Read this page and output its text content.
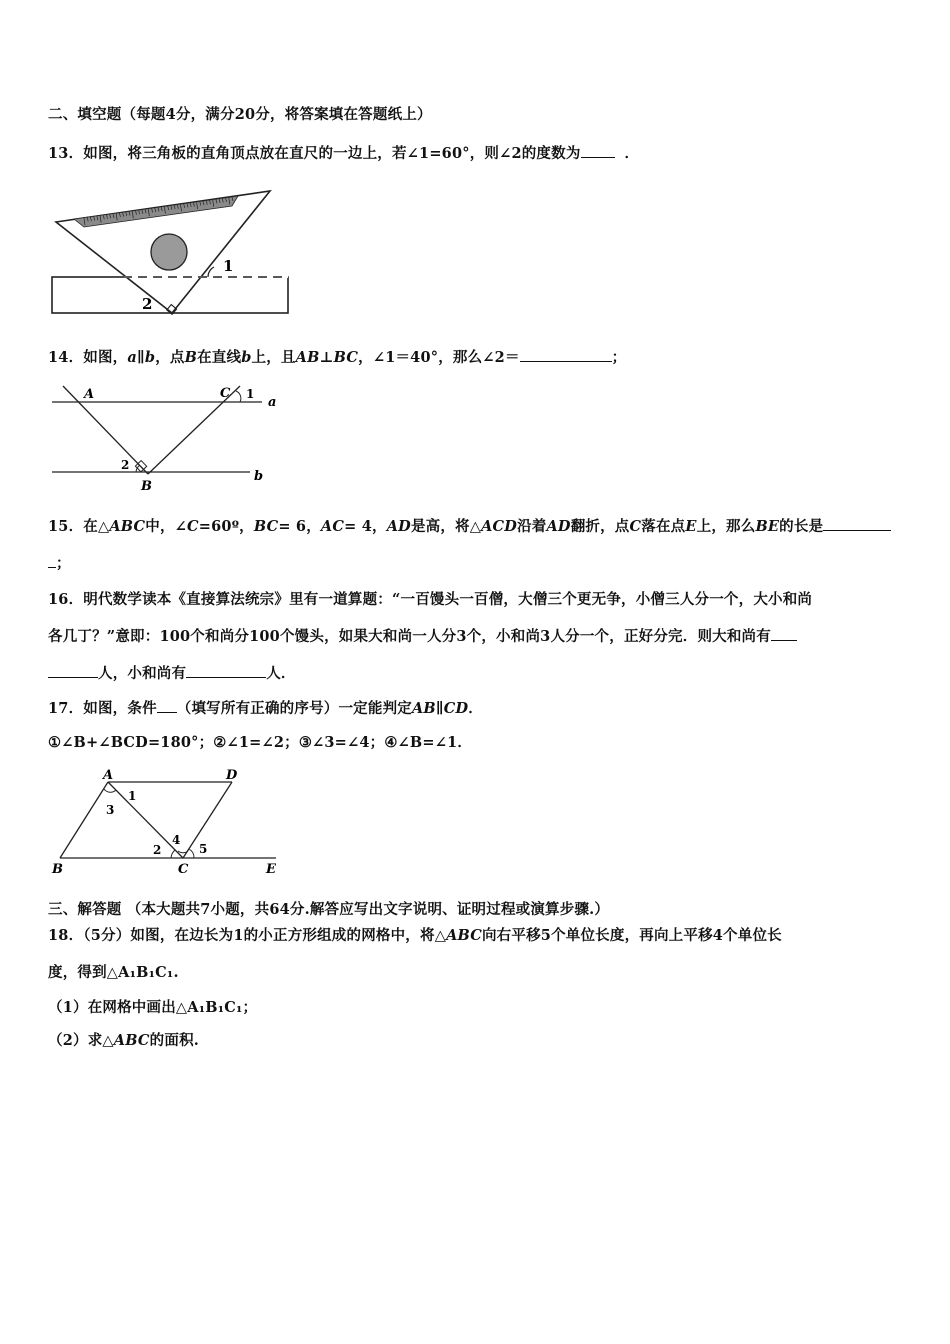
二、填空题（每题4分，满分20分，将答案填在答题纸上）
13．如图，将三角板的直角顶点放在直尺的一边上，若∠1=60°，则∠2的度数为	．
1
2
14．如图，a∥b，点B在直线b上，且AB⊥BC，∠1＝40°，那么∠2＝	；
A	C 1
a
2
B
b
15．在△ABC中，∠C=60º，BC= 6，AC= 4，AD是高，将△ACD沿着AD翻折，点C落在点E上，那么BE的长是
；
16．明代数学读本《直接算法统宗》里有一道算题：“一百馒头一百僧，大僧三个更无争，小僧三人分一个，大小和尚
各几丁？”意即：100个和尚分100个馒头，如果大和尚一人分3个，小和尚3人分一个，正好分完．则大和尚有
人，小和尚有	人．
17．如图，条件 （填写所有正确的序号）一定能判定AB∥CD．
①∠B+∠BCD=180°；②∠1=∠2；③∠3=∠4；④∠B=∠1．
A	D
1
3
4
2	5
B	C	E
三、解答题 （本大题共7小题，共64分.解答应写出文字说明、证明过程或演算步骤.）
18．（5分）如图，在边长为1的小正方形组成的网格中，将△ABC向右平移5个单位长度，再向上平移4个单位长
度，得到△A₁B₁C₁.
（1）在网格中画出△A₁B₁C₁；
（2）求△ABC的面积.
